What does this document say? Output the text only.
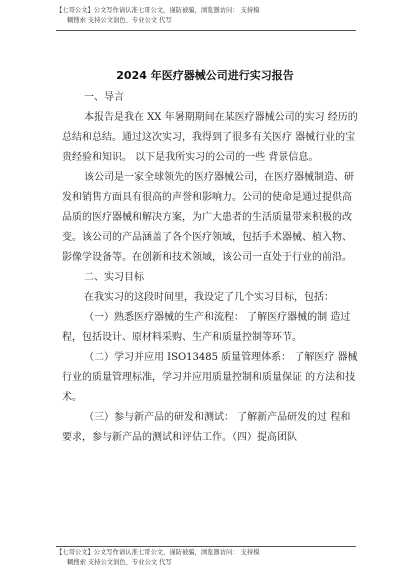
【七哥公文】公文写作请认准七哥公文，谨防被骗，浏览器访问： 支持模
糊搜索 支持公文润色、专业公文 代写
2024 年医疗器械公司进行实习报告

一、导言

本报告是我在 XX 年暑期期间在某医疗器械公司的实习 经历的总结和总结。通过这次实习，我得到了很多有关医疗 器械行业的宝贵经验和知识。 以下是我所实习的公司的一些 背景信息。

该公司是一家全球领先的医疗器械公司，在医疗器械制造、研发和销售方面具有很高的声誉和影响力。公司的使命是通过提供高品质的医疗器械和解决方案，为广大患者的生活质量带来积极的改变。该公司的产品涵盖了各个医疗领域，包括手术器械、植入物、影像学设备等。在创新和技术领域，该公司一直处于行业的前沿。

二、实习目标

在我实习的这段时间里，我设定了几个实习目标，包括：

（一）熟悉医疗器械的生产和流程： 了解医疗器械的制 造过程，包括设计、原材料采购、生产和质量控制等环节。

（二）学习并应用 ISO13485 质量管理体系： 了解医疗 器械行业的质量管理标准，学习并应用质量控制和质量保证 的方法和技术。

（三）参与新产品的研发和测试： 了解新产品研发的过 程和要求，参与新产品的测试和评估工作。（四）提高团队

【七哥公文】公文写作请认准七哥公文，谨防被骗，浏览器访问： 支持模
糊搜索 支持公文润色、专业公文 代写
